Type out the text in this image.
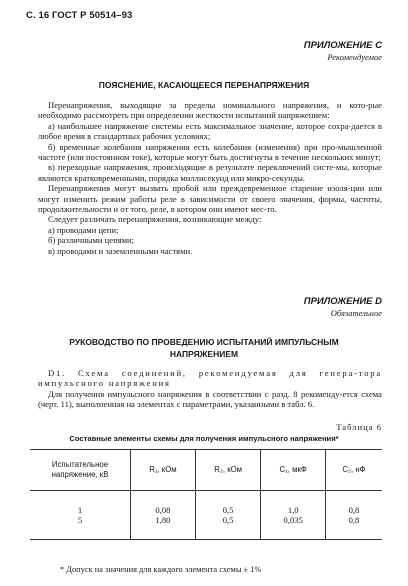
С. 16 ГОСТ Р 50514–93
ПРИЛОЖЕНИЕ С
Рекомендуемое
ПОЯСНЕНИЕ, КАСАЮЩЕЕСЯ ПЕРЕНАПРЯЖЕНИЯ

Перенапряжения, выходящие за пределы номинального напряжения, и кото-рые необходимо рассмотреть при определении жесткости испытаний напряжением:

а) наибольшее напряжение системы есть максимальное значение, которое сохра-дается в любое время в стандартных рабочих условиях;

б) временные колебания напряжения есть колебания (изменения) при про-мышленной частоте (или постоянном токе), которые могут быть достигнуты в течение нескольких минут;

в) переходные напряжения, происходящие в результате переключений систе-мы, которые являются кратковременными, порядка миллисекунд или микро-секунды.

Перенапряжения могут вызвать пробой или преждевременное старение изоля-ции или могут изменить режим работы реле в зависимости от своего значения, формы, частоты, продолжительности и от того, реле, в котором они имеют мес-то.

Следует различать перенапряжения, возникающие между:

а) проводами цепи;

б) различными цепями;

в) проводами и заземленными частями.

ПРИЛОЖЕНИЕ D
Обязательное
РУКОВОДСТВО ПО ПРОВЕДЕНИЮ ИСПЫТАНИЙ ИМПУЛЬСНЫМ
НАПРЯЖЕНИЕМ

D1. Схема соединений, рекомендуемая для генера-тора импульсного напряжения

Для получения импульсного напряжения в соответствии с разд. 8 рекоменду-ется схема (черт. 11), выполненная на элементах с параметрами, указанными в табл. 6.

Таблица 6
Составные элементы схемы для получения импульсного напряжения*
Испытательное напряжение, кВ	R₁, кОм	R₂, кОм	C₁, мкФ	C₂, нФ
1	0,08	0,5	1,0	0,8
5	1,80	0,5	0,035	0,8
* Допуск на значения для каждого элемента схемы ± 1%
